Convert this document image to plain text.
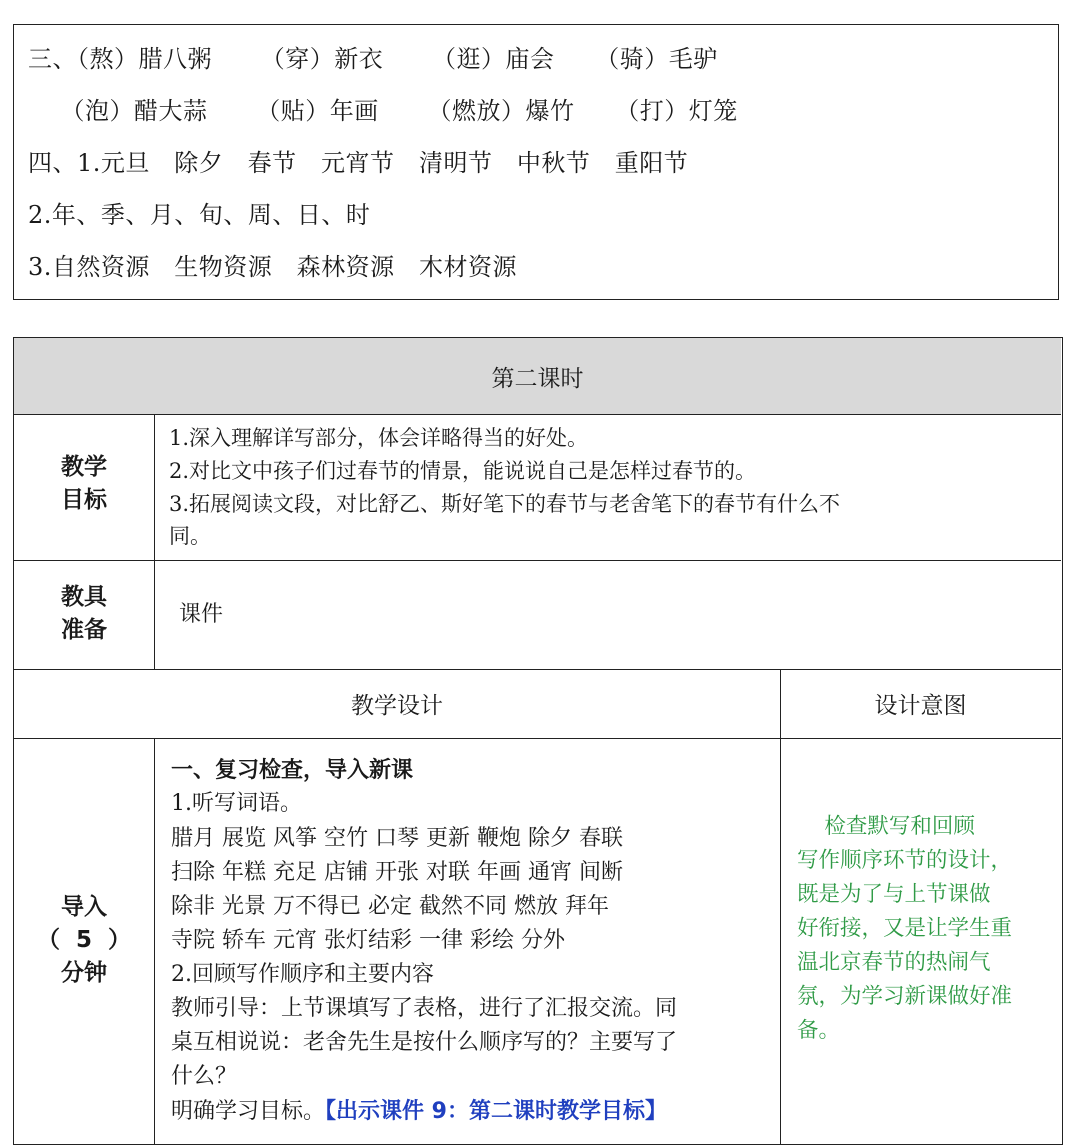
三、（熬）腊八粥      （穿）新衣      （逛）庙会     （骑）毛驴
（泡）醋大蒜      （贴）年画      （燃放）爆竹     （打）灯笼
四、1.元旦   除夕   春节   元宵节   清明节   中秋节   重阳节
2.年、季、月、旬、周、日、时
3.自然资源   生物资源   森林资源   木材资源
第二课时
教学
目标
1.深入理解详写部分，体会详略得当的好处。
2.对比文中孩子们过春节的情景，能说说自己是怎样过春节的。
3.拓展阅读文段，对比舒乙、斯好笔下的春节与老舍笔下的春节有什么不
同。
教具
准备
课件
教学设计	设计意图
导入
（  5  ）
分钟
一、复习检查，导入新课
1.听写词语。
腊月 展览 风筝 空竹 口琴 更新 鞭炮 除夕 春联
扫除 年糕 充足 店铺 开张 对联 年画 通宵 间断
除非 光景 万不得已 必定 截然不同 燃放 拜年
寺院 轿车 元宵 张灯结彩 一律 彩绘 分外
2.回顾写作顺序和主要内容
教师引导：上节课填写了表格，进行了汇报交流。同
桌互相说说：老舍先生是按什么顺序写的？主要写了
什么？
明确学习目标。【出示课件 9：第二课时教学目标】
检查默写和回顾
写作顺序环节的设计，
既是为了与上节课做
好衔接，又是让学生重
温北京春节的热闹气
氛，为学习新课做好准
备。
